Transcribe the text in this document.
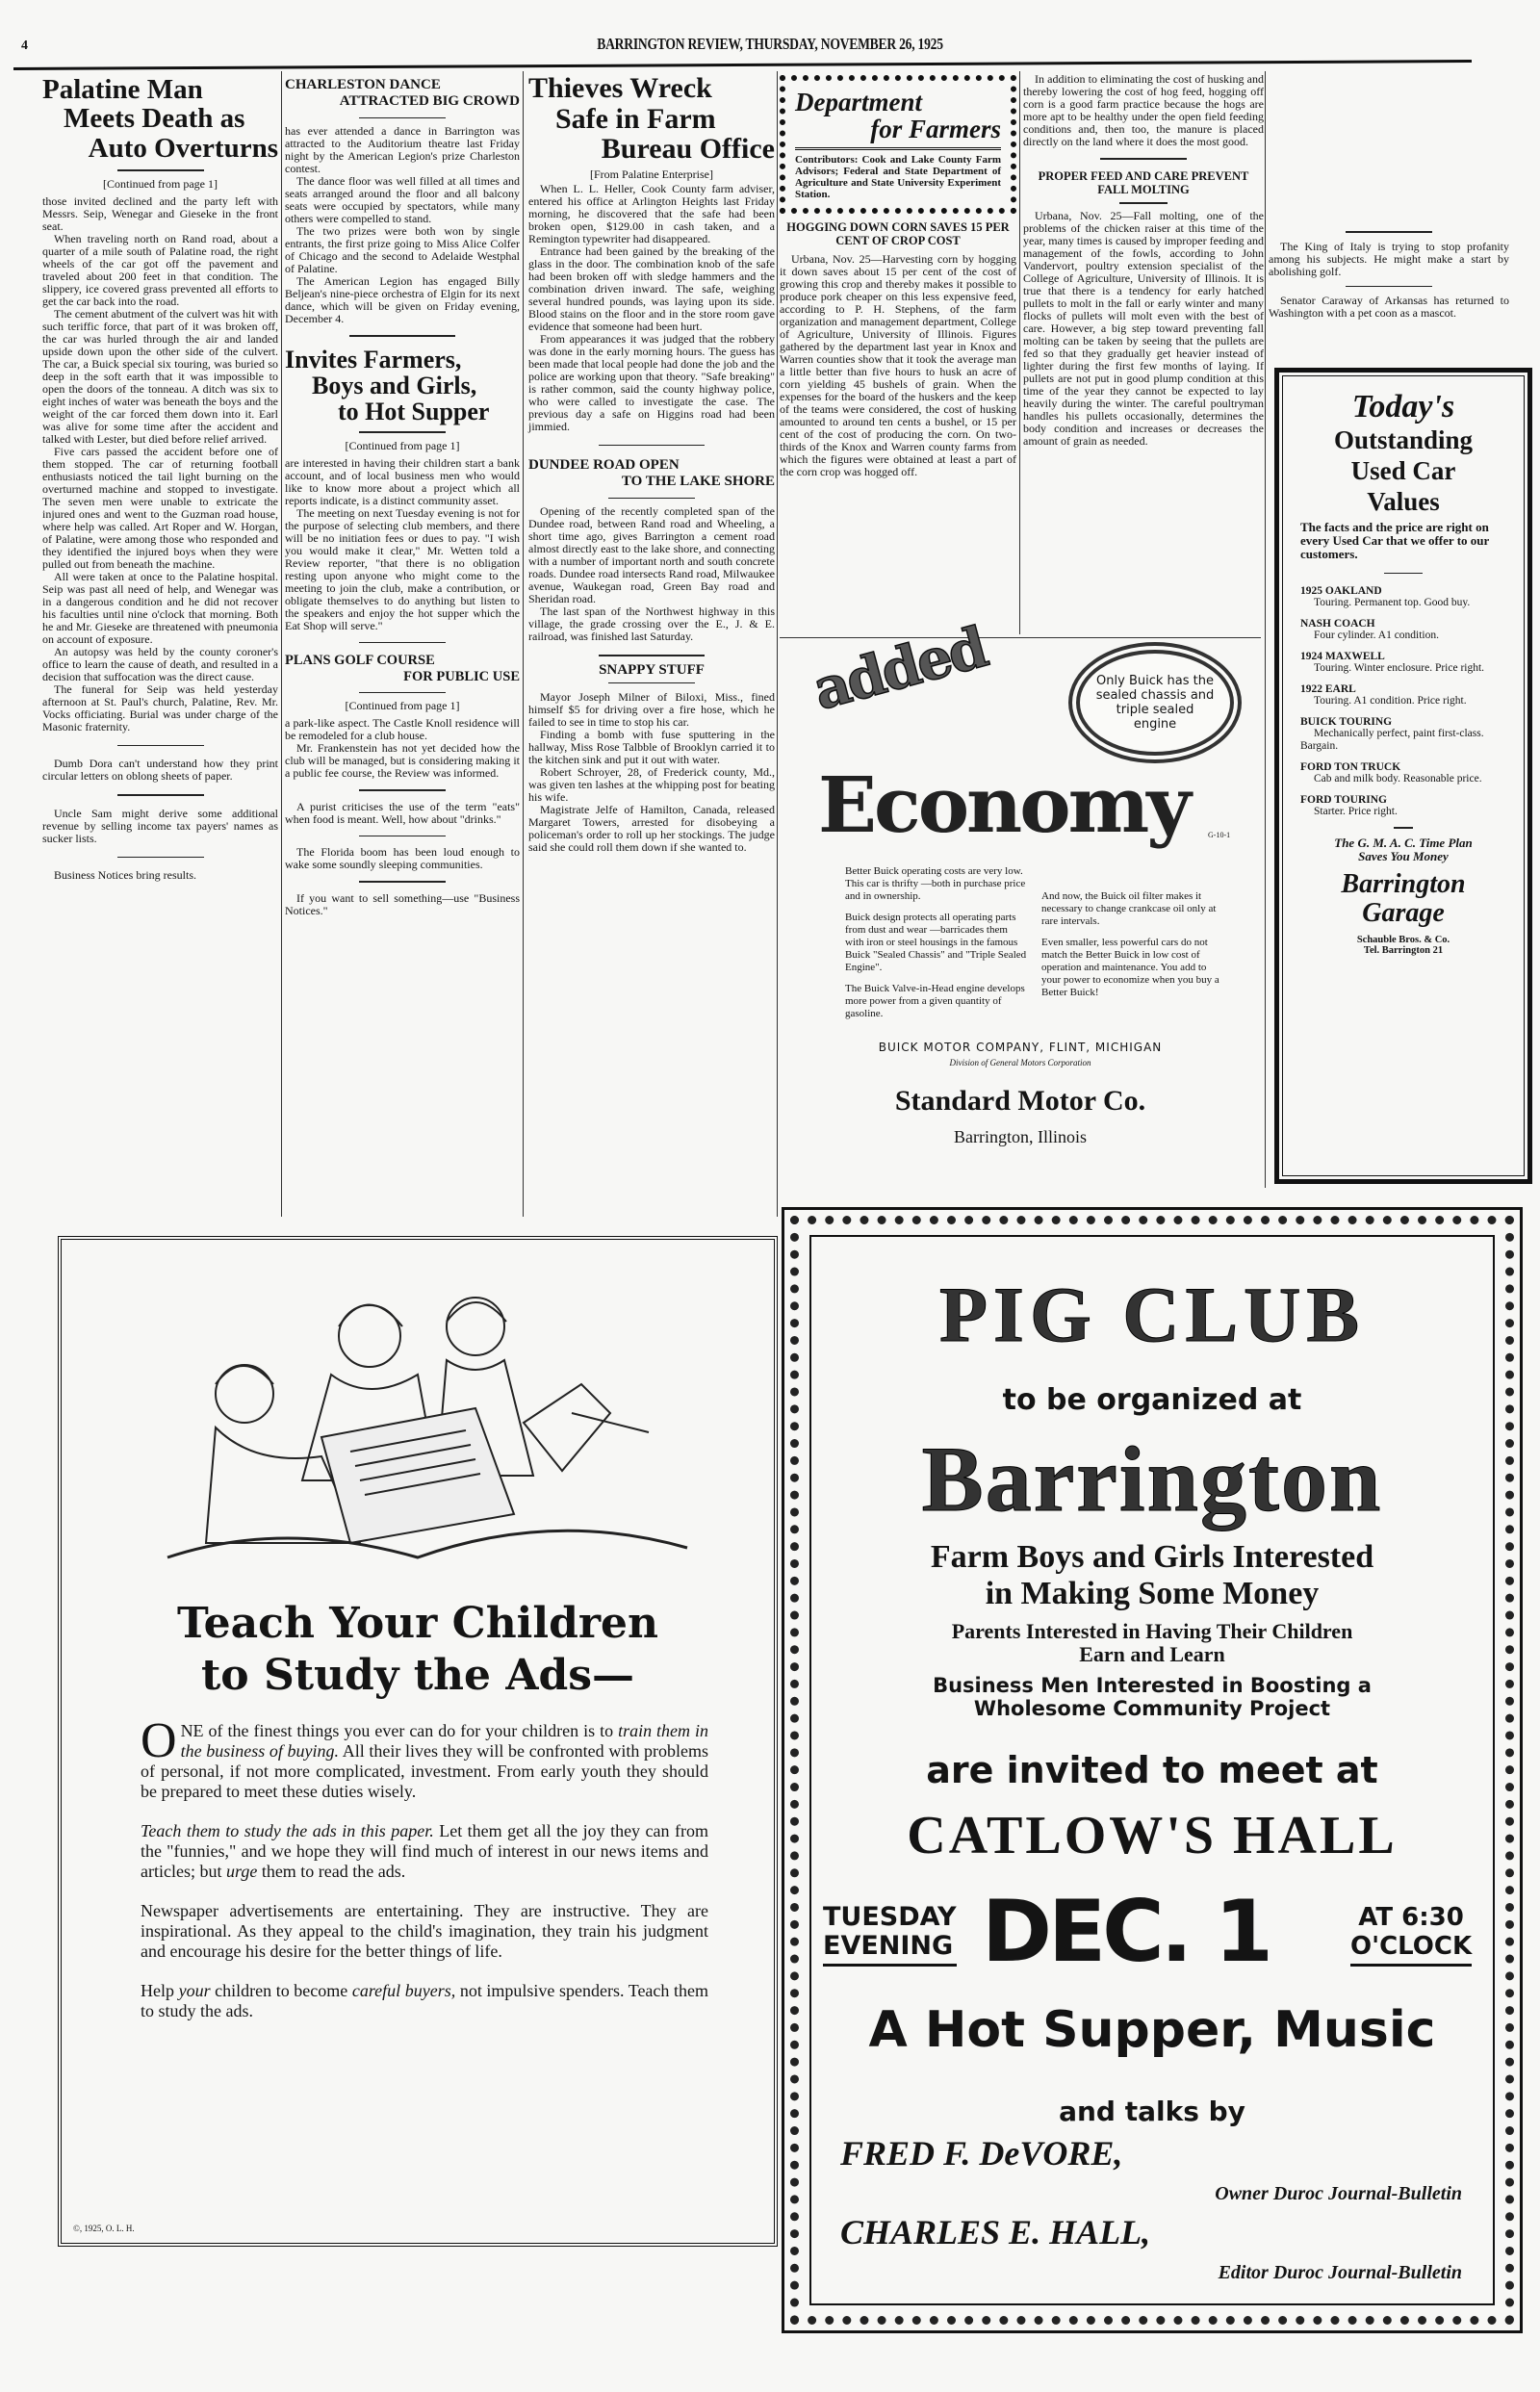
4	BARRINGTON REVIEW, THURSDAY, NOVEMBER 26, 1925
Palatine Man
Meets Death as
Auto Overturns
[Continued from page 1]

those invited declined and the party left with Messrs. Seip, Wenegar and Gieseke in the front seat.

When traveling north on Rand road, about a quarter of a mile south of Palatine road, the right wheels of the car got off the pavement and traveled about 200 feet in that condition. The slippery, ice covered grass prevented all efforts to get the car back into the road.

The cement abutment of the culvert was hit with such teriffic force, that part of it was broken off, the car was hurled through the air and landed upside down upon the other side of the culvert. The car, a Buick special six touring, was buried so deep in the soft earth that it was impossible to open the doors of the tonneau. A ditch was six to eight inches of water was beneath the boys and the weight of the car forced them down into it. Earl was alive for some time after the accident and talked with Lester, but died before relief arrived.

Five cars passed the accident before one of them stopped. The car of returning football enthusiasts noticed the tail light burning on the overturned machine and stopped to investigate. The seven men were unable to extricate the injured ones and went to the Guzman road house, where help was called. Art Roper and W. Horgan, of Palatine, were among those who responded and they identified the injured boys when they were pulled out from beneath the machine.

All were taken at once to the Palatine hospital. Seip was past all need of help, and Wenegar was in a dangerous condition and he did not recover his faculties until nine o'clock that morning. Both he and Mr. Gieseke are threatened with pneumonia on account of exposure.

An autopsy was held by the county coroner's office to learn the cause of death, and resulted in a decision that suffocation was the direct cause.

The funeral for Seip was held yesterday afternoon at St. Paul's church, Palatine, Rev. Mr. Vocks officiating. Burial was under charge of the Masonic fraternity.

Dumb Dora can't understand how they print circular letters on oblong sheets of paper.

Uncle Sam might derive some additional revenue by selling income tax payers' names as sucker lists.

Business Notices bring results.

CHARLESTON DANCE
ATTRACTED BIG CROWD

has ever attended a dance in Barrington was attracted to the Auditorium theatre last Friday night by the American Legion's prize Charleston contest.

The dance floor was well filled at all times and seats arranged around the floor and all balcony seats were occupied by spectators, while many others were compelled to stand.

The two prizes were both won by single entrants, the first prize going to Miss Alice Colfer of Chicago and the second to Adelaide Westphal of Palatine.

The American Legion has engaged Billy Beljean's nine-piece orchestra of Elgin for its next dance, which will be given on Friday evening, December 4.

Invites Farmers,
Boys and Girls,
to Hot Supper
[Continued from page 1]

are interested in having their children start a bank account, and of local business men who would like to know more about a project which all reports indicate, is a distinct community asset.

The meeting on next Tuesday evening is not for the purpose of selecting club members, and there will be no initiation fees or dues to pay. "I wish you would make it clear," Mr. Wetten told a Review reporter, "that there is no obligation resting upon anyone who might come to the meeting to join the club, make a contribution, or obligate themselves to do anything but listen to the speakers and enjoy the hot supper which the Eat Shop will serve."

PLANS GOLF COURSE
FOR PUBLIC USE
[Continued from page 1]

a park-like aspect. The Castle Knoll residence will be remodeled for a club house.

Mr. Frankenstein has not yet decided how the club will be managed, but is considering making it a public fee course, the Review was informed.

A purist criticises the use of the term "eats" when food is meant. Well, how about "drinks."

The Florida boom has been loud enough to wake some soundly sleeping communities.

If you want to sell something—use "Business Notices."

Thieves Wreck
Safe in Farm
Bureau Office
[From Palatine Enterprise]

When L. L. Heller, Cook County farm adviser, entered his office at Arlington Heights last Friday morning, he discovered that the safe had been broken open, $129.00 in cash taken, and a Remington typewriter had disappeared.

Entrance had been gained by the breaking of the glass in the door. The combination knob of the safe had been broken off with sledge hammers and the combination driven inward. The safe, weighing several hundred pounds, was laying upon its side. Blood stains on the floor and in the store room gave evidence that someone had been hurt.

From appearances it was judged that the robbery was done in the early morning hours. The guess has been made that local people had done the job and the police are working upon that theory. "Safe breaking" is rather common, said the county highway police, who were called to investigate the case. The previous day a safe on Higgins road had been jimmied.

DUNDEE ROAD OPEN
TO THE LAKE SHORE

Opening of the recently completed span of the Dundee road, between Rand road and Wheeling, a short time ago, gives Barrington a cement road almost directly east to the lake shore, and connecting with a number of important north and south concrete roads. Dundee road intersects Rand road, Milwaukee avenue, Waukegan road, Green Bay road and Sheridan road.

The last span of the Northwest highway in this village, the grade crossing over the E., J. & E. railroad, was finished last Saturday.

SNAPPY STUFF

Mayor Joseph Milner of Biloxi, Miss., fined himself $5 for driving over a fire hose, which he failed to see in time to stop his car.

Finding a bomb with fuse sputtering in the hallway, Miss Rose Talbble of Brooklyn carried it to the kitchen sink and put it out with water.

Robert Schroyer, 28, of Frederick county, Md., was given ten lashes at the whipping post for beating his wife.

Magistrate Jelfe of Hamilton, Canada, released Margaret Towers, arrested for disobeying a policeman's order to roll up her stockings. The judge said she could roll them down if she wanted to.

Department
for Farmers
Contributors: Cook and Lake County Farm Advisors; Federal and State Department of Agriculture and State University Experiment Station.
HOGGING DOWN CORN SAVES 15 PER CENT OF CROP COST

Urbana, Nov. 25—Harvesting corn by hogging it down saves about 15 per cent of the cost of growing this crop and thereby makes it possible to produce pork cheaper on this less expensive feed, according to P. H. Stephens, of the farm organization and management department, College of Agriculture, University of Illinois. Figures gathered by the department last year in Knox and Warren counties show that it took the average man a little better than five hours to husk an acre of corn yielding 45 bushels of grain. When the expenses for the board of the huskers and the keep of the teams were considered, the cost of husking amounted to around ten cents a bushel, or 15 per cent of the cost of producing the corn. On two-thirds of the Knox and Warren county farms from which the figures were obtained at least a part of the corn crop was hogged off.

In addition to eliminating the cost of husking and thereby lowering the cost of hog feed, hogging off corn is a good farm practice because the hogs are more apt to be healthy under the open field feeding conditions and, then too, the manure is placed directly on the land where it does the most good.

PROPER FEED AND CARE PREVENT FALL MOLTING

Urbana, Nov. 25—Fall molting, one of the problems of the chicken raiser at this time of the year, many times is caused by improper feeding and management of the fowls, according to John Vandervort, poultry extension specialist of the College of Agriculture, University of Illinois. It is true that there is a tendency for early hatched pullets to molt in the fall or early winter and many flocks of pullets will molt even with the best of care. However, a big step toward preventing fall molting can be taken by seeing that the pullets are fed so that they gradually get heavier instead of lighter during the first few months of laying. If pullets are not put in good plump condition at this time of the year they cannot be expected to lay heavily during the winter. The careful poultryman handles his pullets occasionally, determines the body condition and increases or decreases the amount of grain as needed.

The King of Italy is trying to stop profanity among his subjects. He might make a start by abolishing golf.

Senator Caraway of Arkansas has returned to Washington with a pet coon as a mascot.

added	Only Buick has the sealed chassis and triple sealed engine
Economy	G-10-1

Better Buick operating costs are very low. This car is thrifty —both in purchase price and in ownership.

Buick design protects all operating parts from dust and wear —barricades them with iron or steel housings in the famous Buick "Sealed Chassis" and "Triple Sealed Engine".

The Buick Valve-in-Head engine develops more power from a given quantity of gasoline.

And now, the Buick oil filter makes it necessary to change crankcase oil only at rare intervals.

Even smaller, less powerful cars do not match the Better Buick in low cost of operation and maintenance. You add to your power to economize when you buy a Better Buick!

BUICK MOTOR COMPANY, FLINT, MICHIGAN
Division of General Motors Corporation
Standard Motor Co.
Barrington, Illinois
Today's
Outstanding
Used Car
Values
The facts and the price are right on every Used Car that we offer to our customers.
1925 OAKLAND
Touring. Permanent top. Good buy.
NASH COACH
Four cylinder. A1 condition.
1924 MAXWELL
Touring. Winter enclosure. Price right.
1922 EARL
Touring. A1 condition. Price right.
BUICK TOURING
Mechanically perfect, paint first-class. Bargain.
FORD TON TRUCK
Cab and milk body. Reasonable price.
FORD TOURING
Starter. Price right.
The G. M. A. C. Time Plan
Saves You Money
Barrington
Garage
Schauble Bros. & Co.
Tel. Barrington 21
Teach Your Children
to Study the Ads—

ONE of the finest things you ever can do for your children is to train them in the business of buying. All their lives they will be confronted with problems of personal, if not more complicated, investment. From early youth they should be prepared to meet these duties wisely.

Teach them to study the ads in this paper. Let them get all the joy they can from the "funnies," and we hope they will find much of interest in our news items and articles; but urge them to read the ads.

Newspaper advertisements are entertaining. They are instructive. They are inspirational. As they appeal to the child's imagination, they train his judgment and encourage his desire for the better things of life.

Help your children to become careful buyers, not impulsive spenders. Teach them to study the ads.

©, 1925, O. L. H.
PIG CLUB
to be organized at
Barrington
Farm Boys and Girls Interested
in Making Some Money
Parents Interested in Having Their Children
Earn and Learn
Business Men Interested in Boosting a
Wholesome Community Project
are invited to meet at
CATLOW'S HALL
TUESDAY
EVENING DEC. 1	AT 6:30
O'CLOCK
A Hot Supper, Music
and talks by
FRED F. DeVORE,
Owner Duroc Journal-Bulletin
CHARLES E. HALL,
Editor Duroc Journal-Bulletin
